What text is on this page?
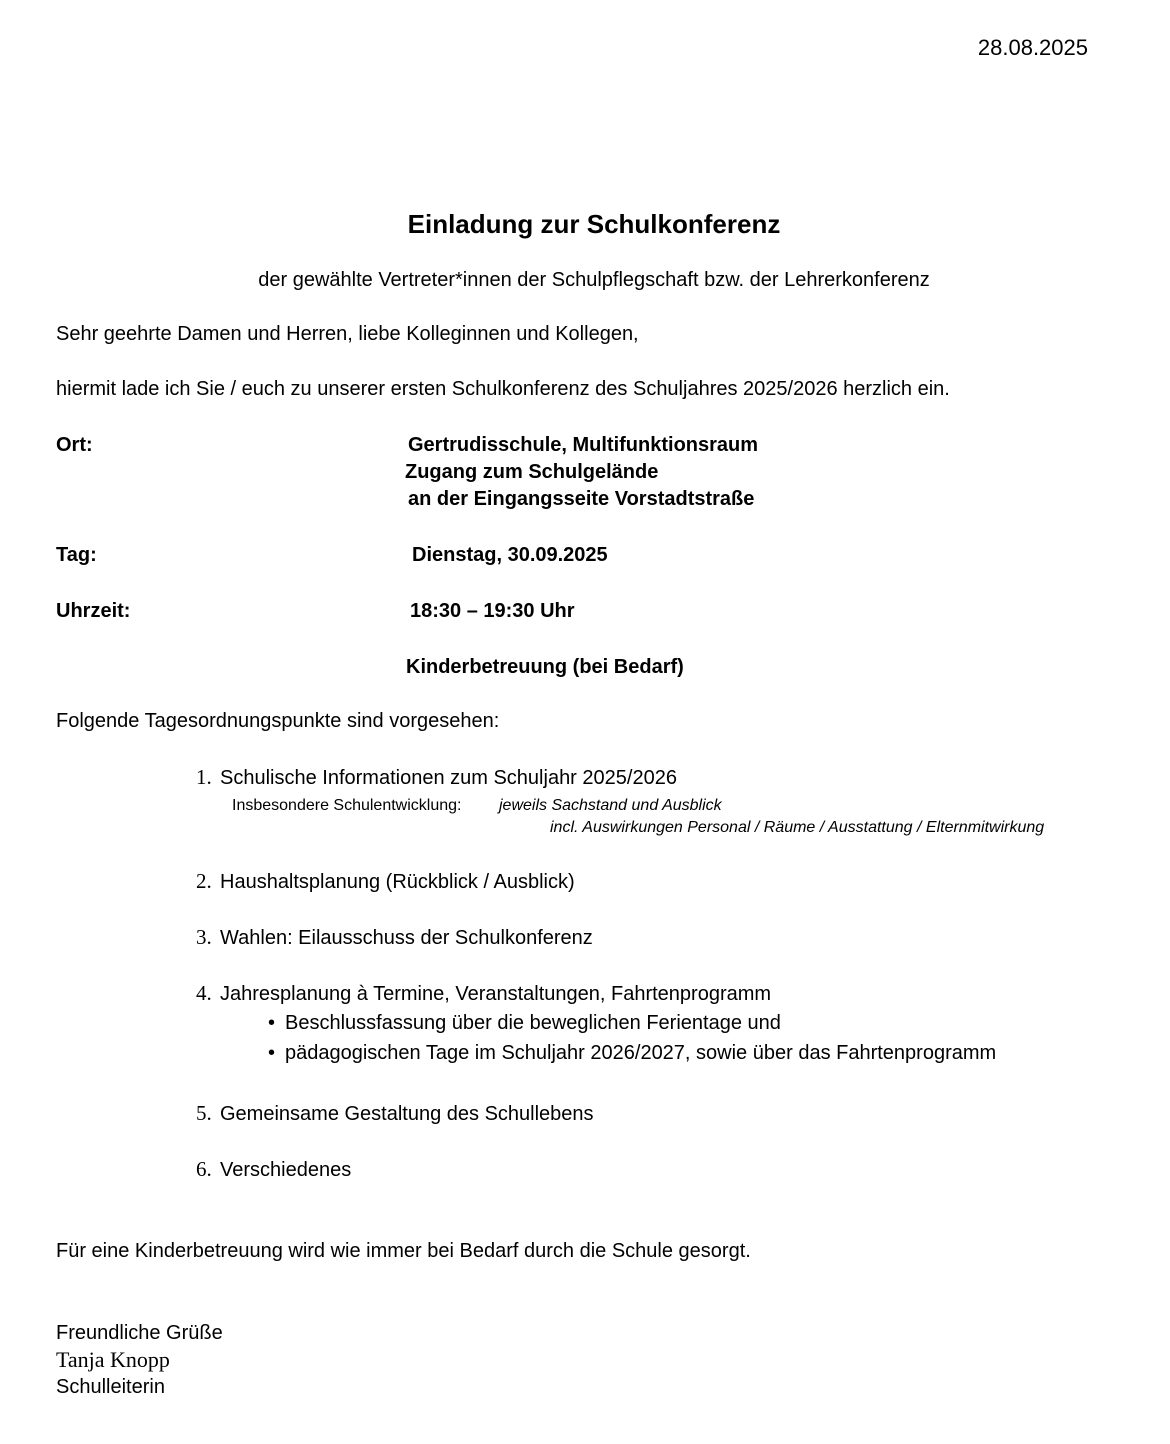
28.08.2025
Einladung zur Schulkonferenz
der gewählte Vertreter*innen der Schulpflegschaft bzw. der Lehrerkonferenz
Sehr geehrte Damen und Herren, liebe Kolleginnen und Kollegen,
hiermit lade ich Sie / euch zu unserer ersten Schulkonferenz des Schuljahres 2025/2026 herzlich ein.
Ort:	Gertrudisschule, Multifunktionsraum
Zugang zum Schulgelände
an der Eingangsseite Vorstadtstraße
Tag:	Dienstag, 30.09.2025
Uhrzeit:	18:30 – 19:30 Uhr
Kinderbetreuung (bei Bedarf)
Folgende Tagesordnungspunkte sind vorgesehen:
1. Schulische Informationen zum Schuljahr 2025/2026
Insbesondere Schulentwicklung: jeweils Sachstand und Ausblick
incl. Auswirkungen Personal / Räume / Ausstattung / Elternmitwirkung
2. Haushaltsplanung (Rückblick / Ausblick)
3. Wahlen: Eilausschuss der Schulkonferenz
4. Jahresplanung à Termine, Veranstaltungen, Fahrtenprogramm
• Beschlussfassung über die beweglichen Ferientage und
• pädagogischen Tage im Schuljahr 2026/2027, sowie über das Fahrtenprogramm
5. Gemeinsame Gestaltung des Schullebens
6. Verschiedenes
Für eine Kinderbetreuung wird wie immer bei Bedarf durch die Schule gesorgt.
Freundliche Grüße
Tanja Knopp
Schulleiterin
